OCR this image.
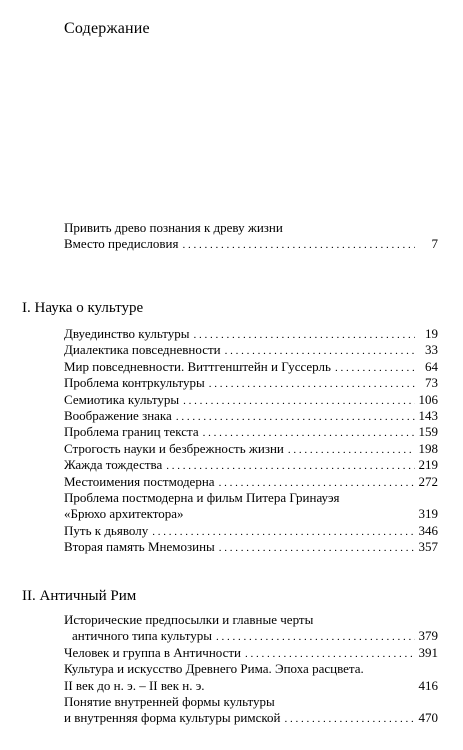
Содержание
Привить древо познания к древу жизни
Вместо предисловия . . .	7
I. Наука о культуре
Двуединство культуры . . .	19
Диалектика повседневности . . .	33
Мир повседневности. Виттгенштейн и Гуссерль . . .	64
Проблема контркультуры . . .	73
Семиотика культуры . . .	106
Воображение знака . . .	143
Проблема границ текста . . .	159
Строгость науки и безбрежность жизни . . .	198
Жажда тождества . . .	219
Местоимения постмодерна . . .	272
Проблема постмодерна и фильм Питера Гринауэя
«Брюхо архитектора»	319
Путь к дьяволу . . .	346
Вторая память Мнемозины . . .	357
II. Античный Рим
Исторические предпосылки и главные черты
античного типа культуры . . .	379
Человек и группа в Античности . . .	391
Культура и искусство Древнего Рима. Эпоха расцвета.
II век до н. э. – II век н. э.	416
Понятие внутренней формы культуры
и внутренняя форма культуры римской . . .	470
